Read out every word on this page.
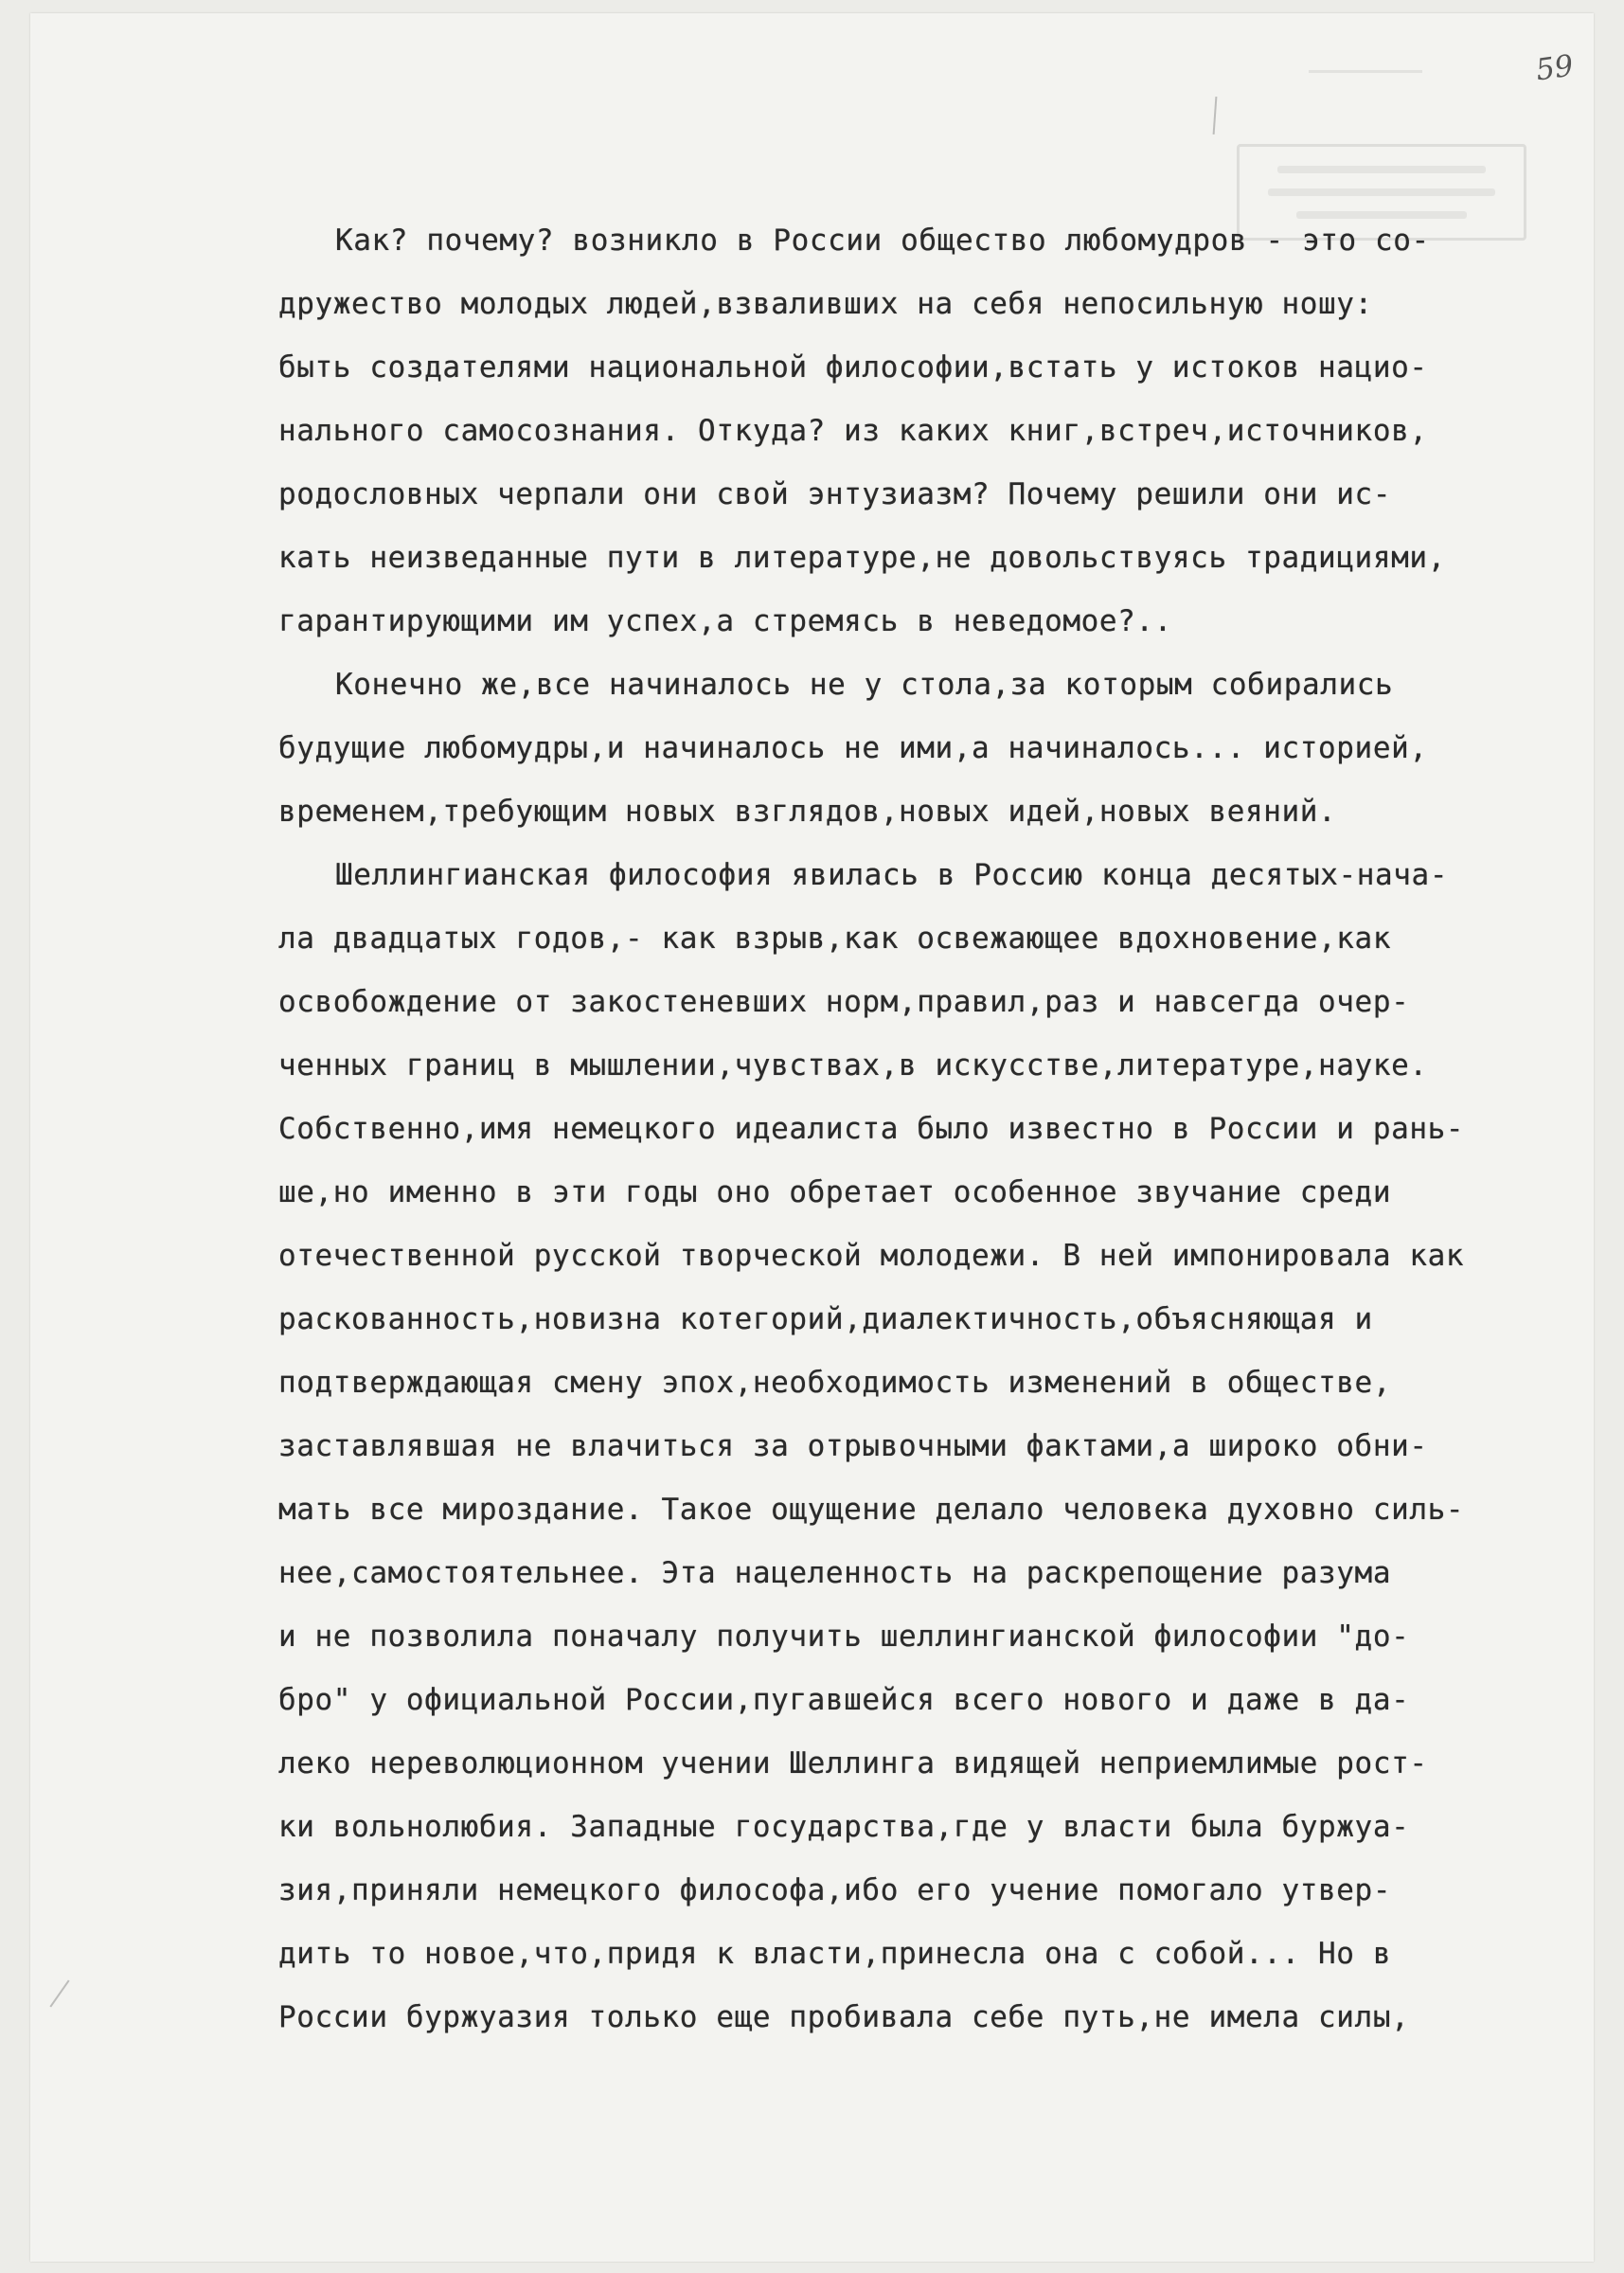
59
Как? почему? возникло в России общество любомудров - это со-
дружество молодых людей,взваливших на себя непосильную ношу:
быть создателями национальной философии,встать у истоков нацио-
нального самосознания. Откуда? из каких книг,встреч,источников,
родословных черпали они свой энтузиазм? Почему решили они ис-
кать неизведанные пути в литературе,не довольствуясь традициями,
гарантирующими им успех,а стремясь в неведомое?..
Конечно же,все начиналось не у стола,за которым собирались
будущие любомудры,и начиналось не ими,а начиналось... историей,
временем,требующим новых взглядов,новых идей,новых веяний.
Шеллингианская философия явилась в Россию конца десятых-нача-
ла двадцатых годов,- как взрыв,как освежающее вдохновение,как
освобождение от закостеневших норм,правил,раз и навсегда очер-
ченных границ в мышлении,чувствах,в искусстве,литературе,науке.
Собственно,имя немецкого идеалиста было известно в России и рань-
ше,но именно в эти годы оно обретает особенное звучание среди
отечественной русской творческой молодежи. В ней импонировала как
раскованность,новизна котегорий,диалектичность,объясняющая и
подтверждающая смену эпох,необходимость изменений в обществе,
заставлявшая не влачиться за отрывочными фактами,а широко обни-
мать все мироздание. Такое ощущение делало человека духовно силь-
нее,самостоятельнее. Эта нацеленность на раскрепощение разума
и не позволила поначалу получить шеллингианской философии "до-
бро" у официальной России,пугавшейся всего нового и даже в да-
леко нереволюционном учении Шеллинга видящей неприемлимые рост-
ки вольнолюбия. Западные государства,где у власти была буржуа-
зия,приняли немецкого философа,ибо его учение помогало утвер-
дить то новое,что,придя к власти,принесла она с собой... Но в
России буржуазия только еще пробивала себе путь,не имела силы,
